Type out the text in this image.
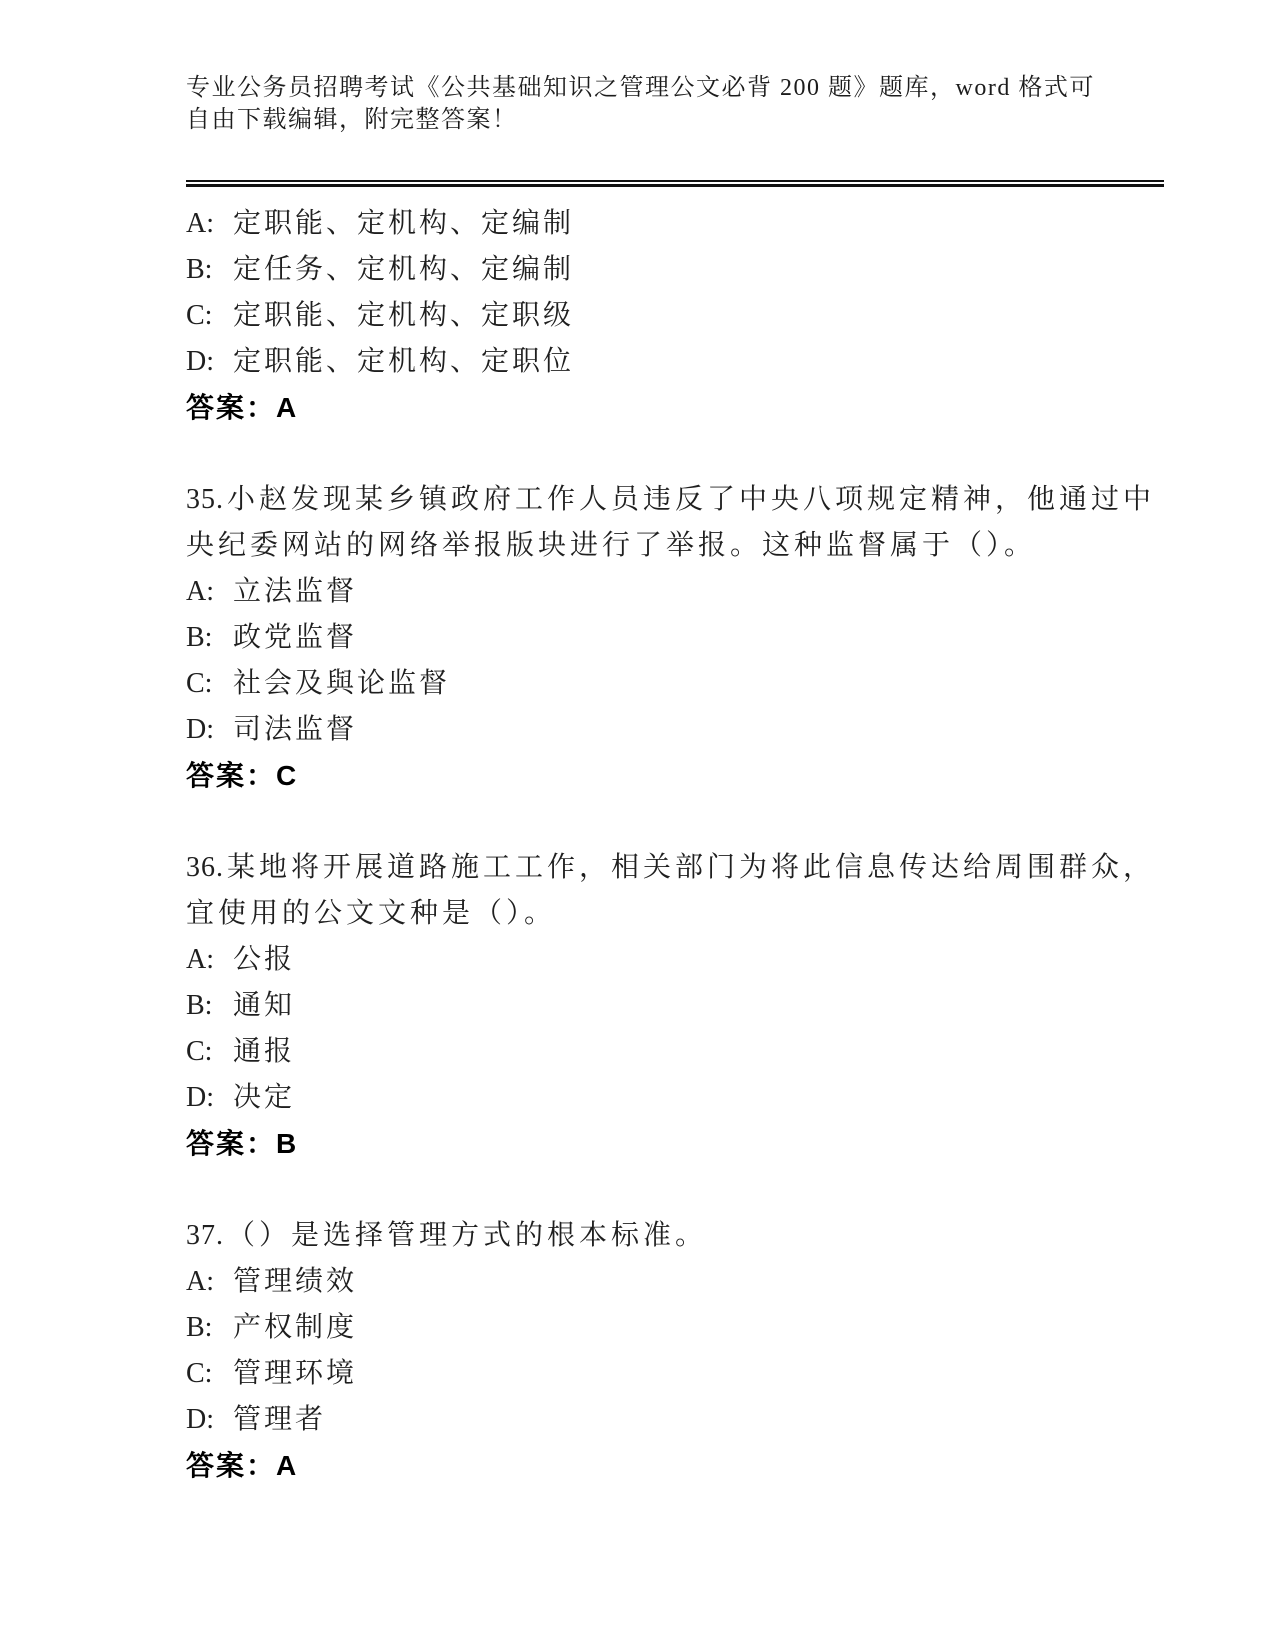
专业公务员招聘考试《公共基础知识之管理公文必背 200 题》题库，word 格式可
自由下载编辑，附完整答案！

A: 定职能、定机构、定编制

B: 定任务、定机构、定编制

C: 定职能、定机构、定职级

D: 定职能、定机构、定职位

答案：A

35. 小赵发现某乡镇政府工作人员违反了中央八项规定精神，他通过中
央纪委网站的网络举报版块进行了举报。这种监督属于（）。

A: 立法监督

B: 政党监督

C: 社会及與论监督

D: 司法监督

答案：C

36. 某地将开展道路施工工作，相关部门为将此信息传达给周围群众，
宜使用的公文文种是（）。

A: 公报

B: 通知

C: 通报

D: 决定

答案：B

37. （）是选择管理方式的根本标准。

A: 管理绩效

B: 产权制度

C: 管理环境

D: 管理者

答案：A
